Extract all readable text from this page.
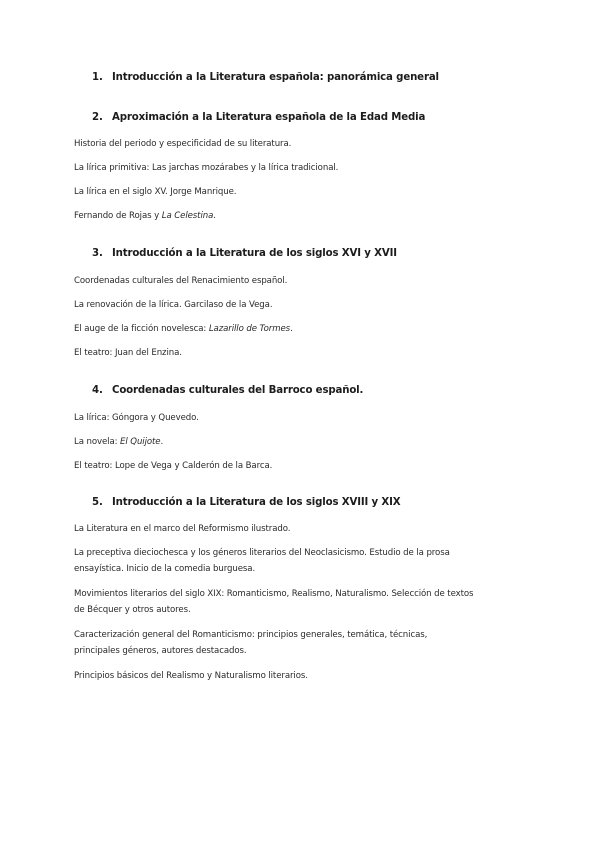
1. Introducción a la Literatura española: panorámica general
2. Aproximación a la Literatura española de la Edad Media
Historia del periodo y especificidad de su literatura.
La lírica primitiva: Las jarchas mozárabes y la lírica tradicional.
La lírica en el siglo XV. Jorge Manrique.
Fernando de Rojas y La Celestina.
3. Introducción a la Literatura de los siglos XVI y XVII
Coordenadas culturales del Renacimiento español.
La renovación de la lírica. Garcilaso de la Vega.
El auge de la ficción novelesca: Lazarillo de Tormes.
El teatro: Juan del Enzina.
4. Coordenadas culturales del Barroco español.
La lírica: Góngora y Quevedo.
La novela: El Quijote.
El teatro: Lope de Vega y Calderón de la Barca.
5. Introducción a la Literatura de los siglos XVIII y XIX
La Literatura en el marco del Reformismo ilustrado.
La preceptiva dieciochesca y los géneros literarios del Neoclasicismo. Estudio de la prosa
ensayística. Inicio de la comedia burguesa.
Movimientos literarios del siglo XIX: Romanticismo, Realismo, Naturalismo. Selección de textos
de Bécquer y otros autores.
Caracterización general del Romanticismo: principios generales, temática, técnicas,
principales géneros, autores destacados.
Principios básicos del Realismo y Naturalismo literarios.
